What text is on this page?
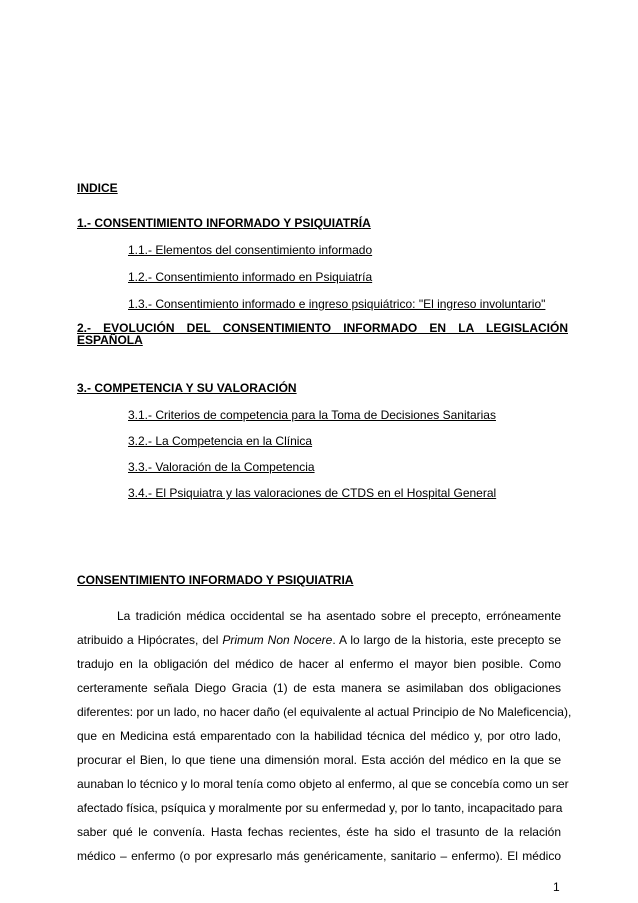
INDICE
1.- CONSENTIMIENTO INFORMADO Y PSIQUIATRÍA
1.1.- Elementos del consentimiento informado
1.2.- Consentimiento informado en Psiquiatría
1.3.- Consentimiento informado e ingreso psiquiátrico: "El ingreso involuntario"
2.- EVOLUCIÓN DEL CONSENTIMIENTO INFORMADO EN LA LEGISLACIÓN
ESPAÑOLA
3.- COMPETENCIA Y SU VALORACIÓN
3.1.- Criterios de competencia para la Toma de Decisiones Sanitarias
3.2.- La Competencia en la Clínica
3.3.- Valoración de la Competencia
3.4.- El Psiquiatra y las valoraciones de CTDS en el Hospital General
CONSENTIMIENTO INFORMADO Y PSIQUIATRIA
La tradición médica occidental se ha asentado sobre el precepto, erróneamente
atribuido a Hipócrates, del Primum Non Nocere. A lo largo de la historia, este precepto se
tradujo en la obligación del médico de hacer al enfermo el mayor bien posible. Como
certeramente señala Diego Gracia (1) de esta manera se asimilaban dos obligaciones
diferentes: por un lado, no hacer daño (el equivalente al actual Principio de No Maleficencia),
que en Medicina está emparentado con la habilidad técnica del médico y, por otro lado,
procurar el Bien, lo que tiene una dimensión moral. Esta acción del médico en la que se
aunaban lo técnico y lo moral tenía como objeto al enfermo, al que se concebía como un ser
afectado física, psíquica y moralmente por su enfermedad y, por lo tanto, incapacitado para
saber qué le convenía. Hasta fechas recientes, éste ha sido el trasunto de la relación
médico – enfermo (o por expresarlo más genéricamente, sanitario – enfermo). El médico
1
